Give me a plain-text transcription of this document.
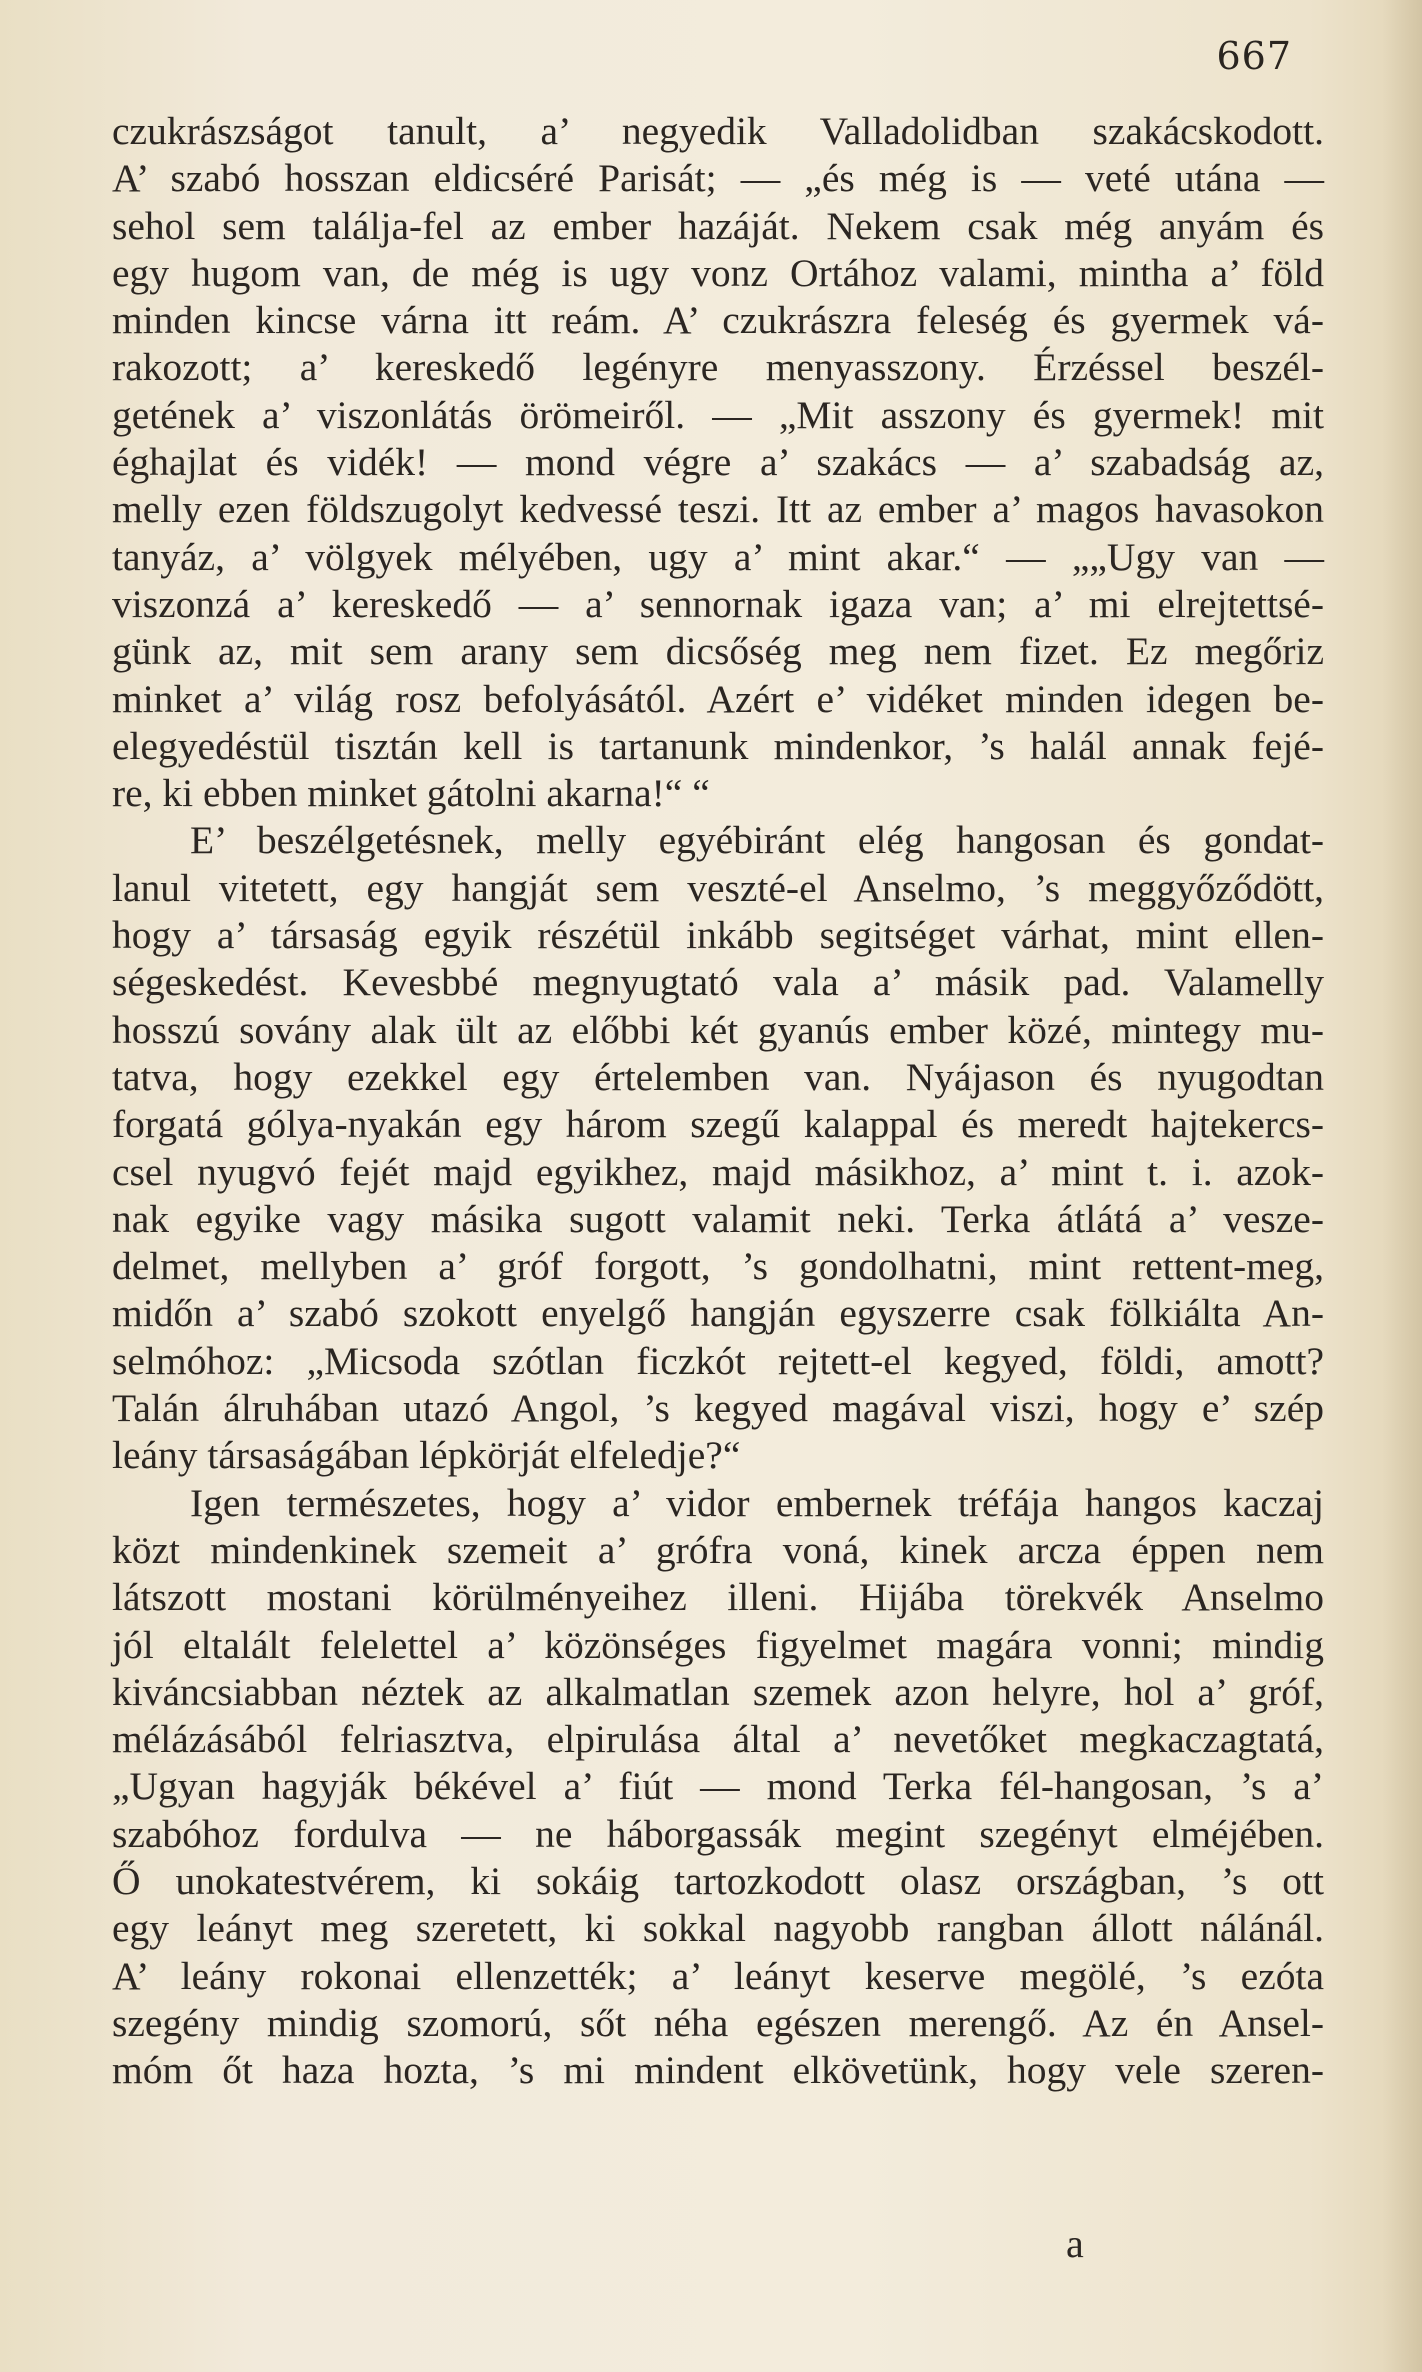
667
czukrászságot tanult, a’ negyedik Valladolidban szakácskodott.
A’ szabó hosszan eldicséré Parisát; — „és még is — veté utána —
sehol sem találja-fel az ember hazáját. Nekem csak még anyám és
egy hugom van, de még is ugy vonz Ortához valami, mintha a’ föld
minden kincse várna itt reám. A’ czukrászra feleség és gyermek vá-
rakozott; a’ kereskedő legényre menyasszony. Érzéssel beszél-
getének a’ viszonlátás örömeiről. — „Mit asszony és gyermek! mit
éghajlat és vidék! — mond végre a’ szakács — a’ szabadság az,
melly ezen földszugolyt kedvessé teszi. Itt az ember a’ magos havasokon
tanyáz, a’ völgyek mélyében, ugy a’ mint akar.“ — „„Ugy van —
viszonzá a’ kereskedő — a’ sennornak igaza van; a’ mi elrejtettsé-
günk az, mit sem arany sem dicsőség meg nem fizet. Ez megőriz
minket a’ világ rosz befolyásától. Azért e’ vidéket minden idegen be-
elegyedéstül tisztán kell is tartanunk mindenkor, ’s halál annak fejé-
re, ki ebben minket gátolni akarna!“ “
E’ beszélgetésnek, melly egyébiránt elég hangosan és gondat-
lanul vitetett, egy hangját sem veszté-el Anselmo, ’s meggyőződött,
hogy a’ társaság egyik részétül inkább segitséget várhat, mint ellen-
ségeskedést. Kevesbbé megnyugtató vala a’ másik pad. Valamelly
hosszú sovány alak ült az előbbi két gyanús ember közé, mintegy mu-
tatva, hogy ezekkel egy értelemben van. Nyájason és nyugodtan
forgatá gólya-nyakán egy három szegű kalappal és meredt hajtekercs-
csel nyugvó fejét majd egyikhez, majd másikhoz, a’ mint t. i. azok-
nak egyike vagy másika sugott valamit neki. Terka átlátá a’ vesze-
delmet, mellyben a’ gróf forgott, ’s gondolhatni, mint rettent-meg,
midőn a’ szabó szokott enyelgő hangján egyszerre csak fölkiálta An-
selmóhoz: „Micsoda szótlan ficzkót rejtett-el kegyed, földi, amott?
Talán álruhában utazó Angol, ’s kegyed magával viszi, hogy e’ szép
leány társaságában lépkörját elfeledje?“
Igen természetes, hogy a’ vidor embernek tréfája hangos kaczaj
közt mindenkinek szemeit a’ grófra voná, kinek arcza éppen nem
látszott mostani körülményeihez illeni. Hijába törekvék Anselmo
jól eltalált felelettel a’ közönséges figyelmet magára vonni; mindig
kiváncsiabban néztek az alkalmatlan szemek azon helyre, hol a’ gróf,
mélázásából felriasztva, elpirulása által a’ nevetőket megkaczagtatá,
„Ugyan hagyják békével a’ fiút — mond Terka fél-hangosan, ’s a’
szabóhoz fordulva — ne háborgassák megint szegényt elméjében.
Ő unokatestvérem, ki sokáig tartozkodott olasz országban, ’s ott
egy leányt meg szeretett, ki sokkal nagyobb rangban állott nálánál.
A’ leány rokonai ellenzették; a’ leányt keserve megölé, ’s ezóta
szegény mindig szomorú, sőt néha egészen merengő. Az én Ansel-
móm őt haza hozta, ’s mi mindent elkövetünk, hogy vele szeren-
a
